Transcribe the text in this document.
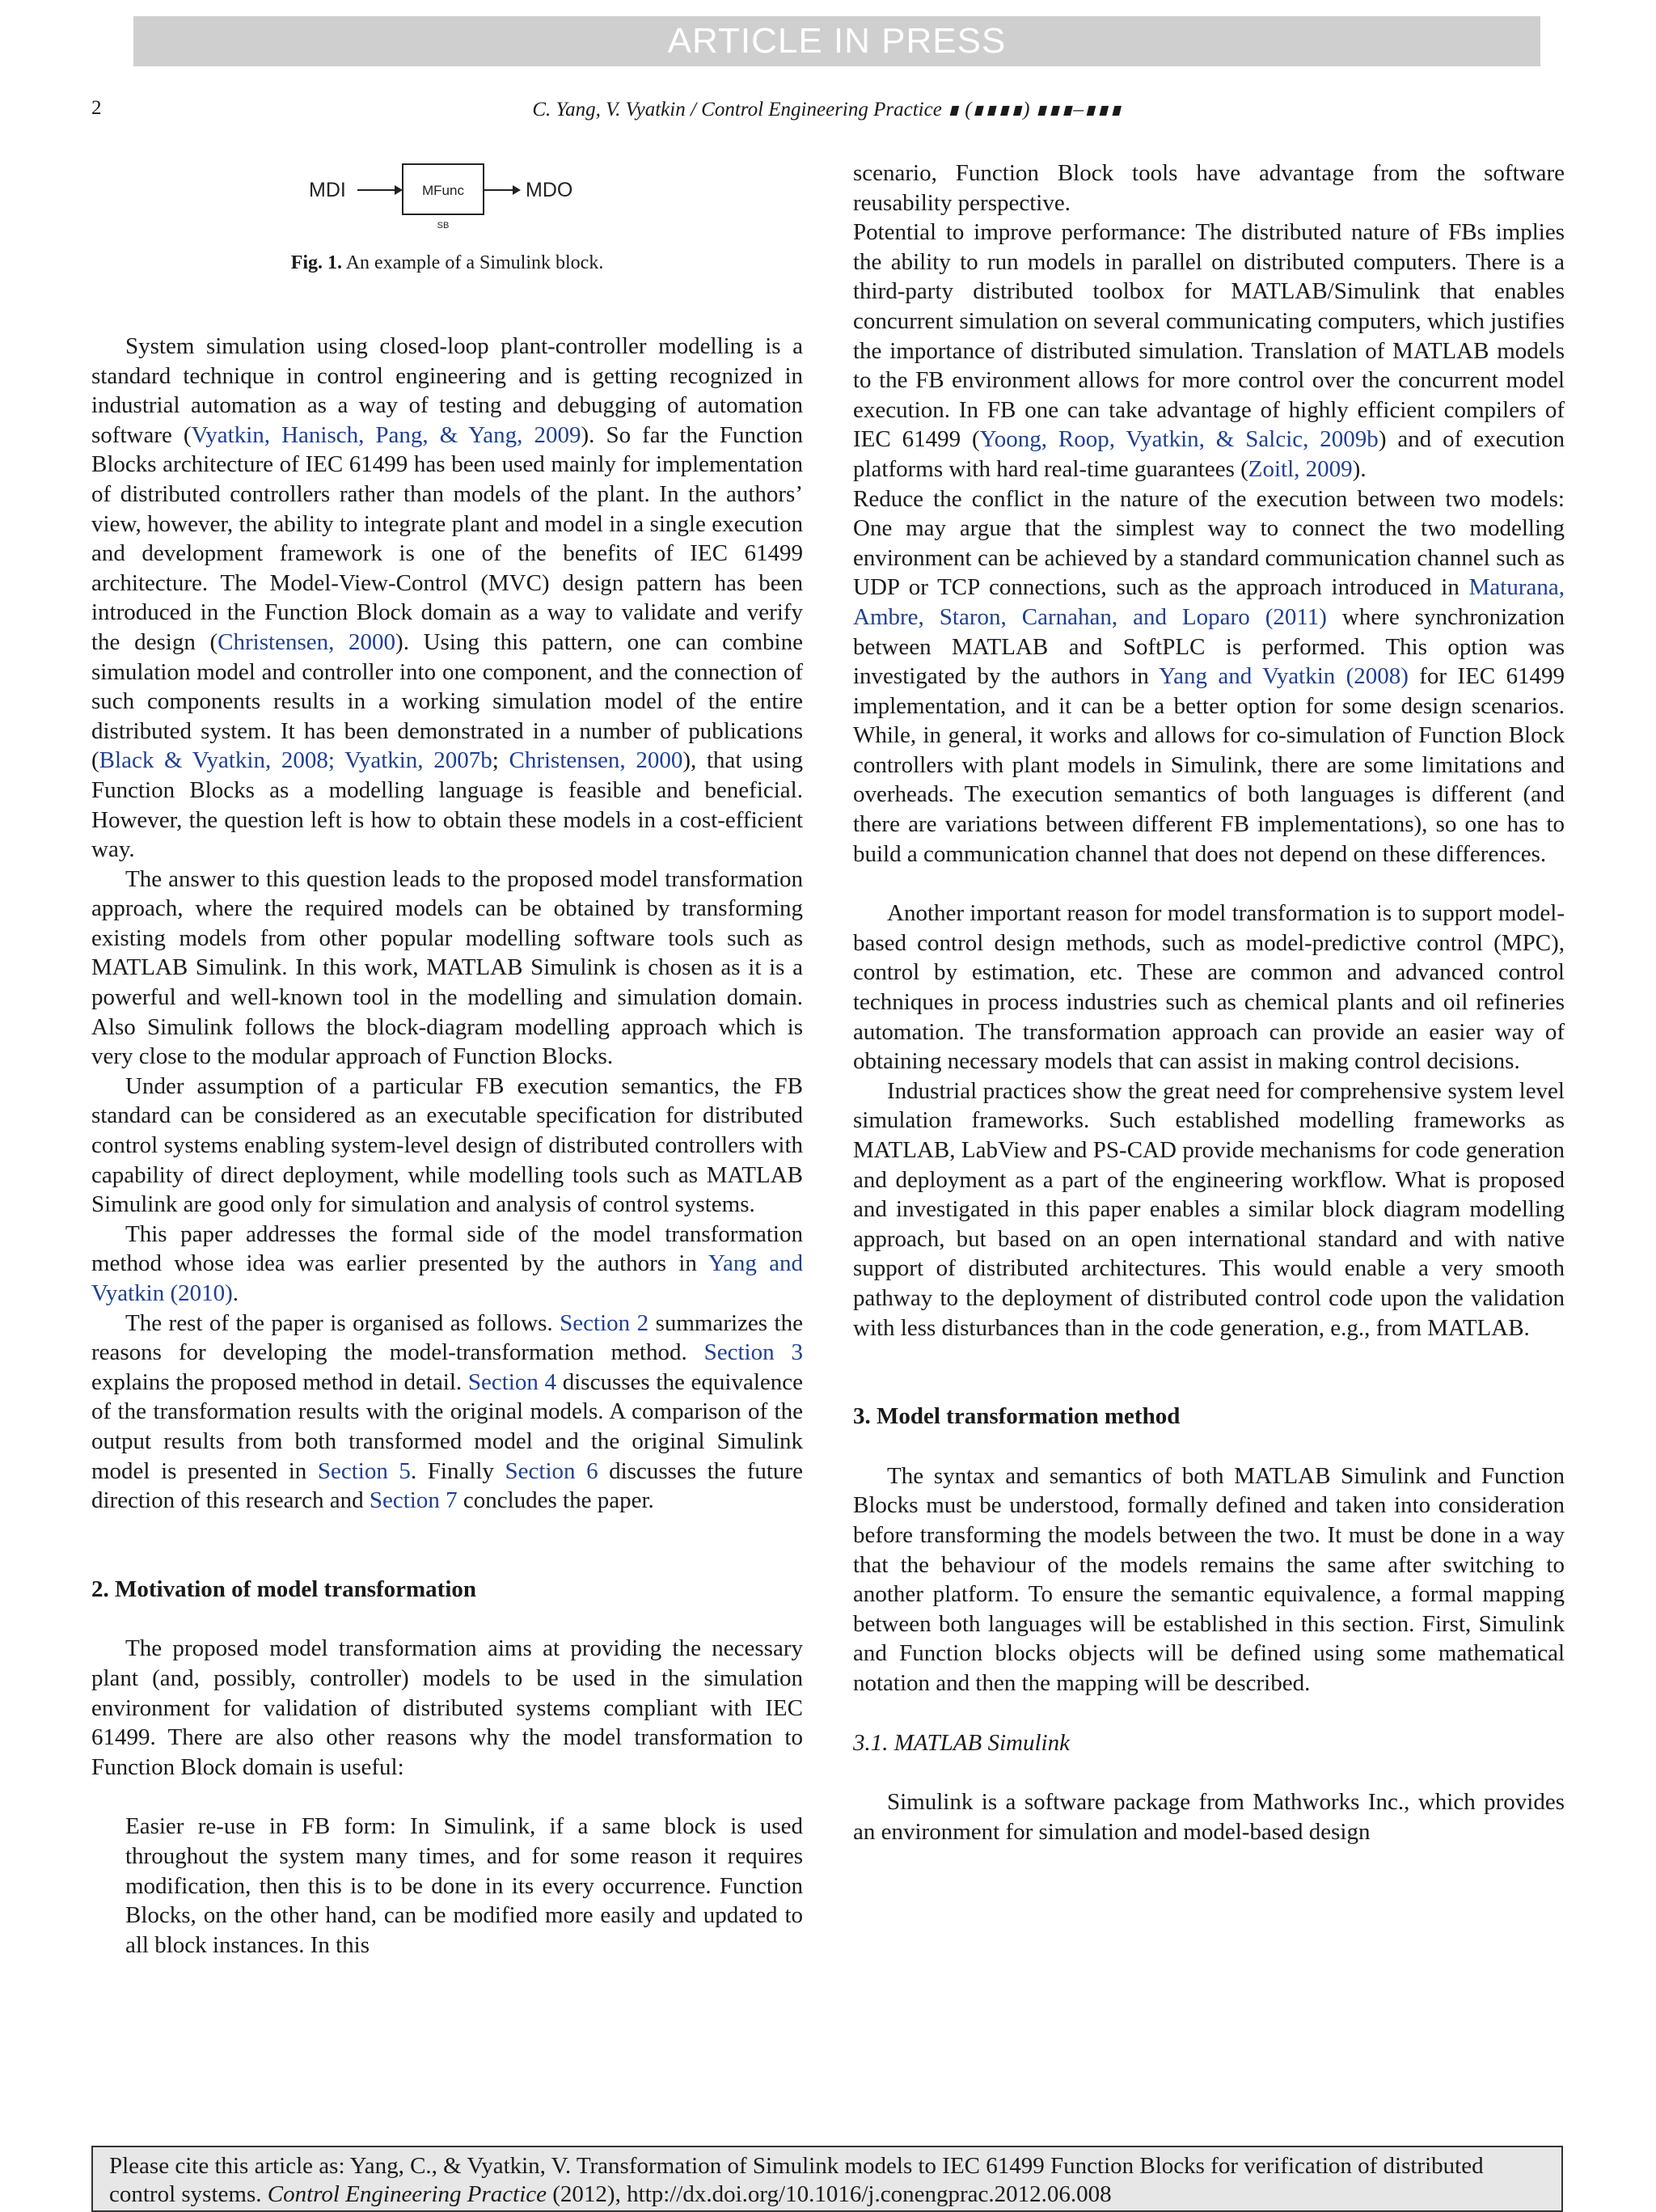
ARTICLE IN PRESS
2	C. Yang, V. Vyatkin / Control Engineering Practice ∎ (∎∎∎∎) ∎∎∎–∎∎∎
MDI	MFunc
SB
MDO
Fig. 1. An example of a Simulink block.

System simulation using closed-loop plant-controller modelling is a standard technique in control engineering and is getting recognized in industrial automation as a way of testing and debugging of automation software (Vyatkin, Hanisch, Pang, & Yang, 2009). So far the Function Blocks architecture of IEC 61499 has been used mainly for implementation of distributed controllers rather than models of the plant. In the authors’ view, however, the ability to integrate plant and model in a single execution and development framework is one of the benefits of IEC 61499 architecture. The Model-View-Control (MVC) design pattern has been introduced in the Function Block domain as a way to validate and verify the design (Christensen, 2000). Using this pattern, one can combine simulation model and controller into one component, and the connection of such components results in a working simulation model of the entire distributed system. It has been demonstrated in a number of publications (Black & Vyatkin, 2008; Vyatkin, 2007b; Christensen, 2000), that using Function Blocks as a modelling language is feasible and beneficial. However, the question left is how to obtain these models in a cost-efficient way.

The answer to this question leads to the proposed model transformation approach, where the required models can be obtained by transforming existing models from other popular modelling software tools such as MATLAB Simulink. In this work, MATLAB Simulink is chosen as it is a powerful and well-known tool in the modelling and simulation domain. Also Simulink follows the block-diagram modelling approach which is very close to the modular approach of Function Blocks.

Under assumption of a particular FB execution semantics, the FB standard can be considered as an executable specification for distributed control systems enabling system-level design of distributed controllers with capability of direct deployment, while modelling tools such as MATLAB Simulink are good only for simulation and analysis of control systems.

This paper addresses the formal side of the model transformation method whose idea was earlier presented by the authors in Yang and Vyatkin (2010).

The rest of the paper is organised as follows. Section 2 summarizes the reasons for developing the model-transformation method. Section 3 explains the proposed method in detail. Section 4 discusses the equivalence of the transformation results with the original models. A comparison of the output results from both transformed model and the original Simulink model is presented in Section 5. Finally Section 6 discusses the future direction of this research and Section 7 concludes the paper.

2. Motivation of model transformation

The proposed model transformation aims at providing the necessary plant (and, possibly, controller) models to be used in the simulation environment for validation of distributed systems compliant with IEC 61499. There are also other reasons why the model transformation to Function Block domain is useful:

Easier re-use in FB form: In Simulink, if a same block is used throughout the system many times, and for some reason it requires modification, then this is to be done in its every occurrence. Function Blocks, on the other hand, can be modified more easily and updated to all block instances. In this

scenario, Function Block tools have advantage from the software reusability perspective.

Potential to improve performance: The distributed nature of FBs implies the ability to run models in parallel on distributed computers. There is a third-party distributed toolbox for MATLAB/Simulink that enables concurrent simulation on several communicating computers, which justifies the importance of distributed simulation. Translation of MATLAB models to the FB environment allows for more control over the concurrent model execution. In FB one can take advantage of highly efficient compilers of IEC 61499 (Yoong, Roop, Vyatkin, & Salcic, 2009b) and of execution platforms with hard real-time guarantees (Zoitl, 2009).

Reduce the conflict in the nature of the execution between two models: One may argue that the simplest way to connect the two modelling environment can be achieved by a standard communication channel such as UDP or TCP connections, such as the approach introduced in Maturana, Ambre, Staron, Carnahan, and Loparo (2011) where synchronization between MATLAB and SoftPLC is performed. This option was investigated by the authors in Yang and Vyatkin (2008) for IEC 61499 implementation, and it can be a better option for some design scenarios. While, in general, it works and allows for co-simulation of Function Block controllers with plant models in Simulink, there are some limitations and overheads. The execution semantics of both languages is different (and there are variations between different FB implementations), so one has to build a communication channel that does not depend on these differences.

Another important reason for model transformation is to support model-based control design methods, such as model-predictive control (MPC), control by estimation, etc. These are common and advanced control techniques in process industries such as chemical plants and oil refineries automation. The transformation approach can provide an easier way of obtaining necessary models that can assist in making control decisions.

Industrial practices show the great need for comprehensive system level simulation frameworks. Such established modelling frameworks as MATLAB, LabView and PS-CAD provide mechanisms for code generation and deployment as a part of the engineering workflow. What is proposed and investigated in this paper enables a similar block diagram modelling approach, but based on an open international standard and with native support of distributed architectures. This would enable a very smooth pathway to the deployment of distributed control code upon the validation with less disturbances than in the code generation, e.g., from MATLAB.

3. Model transformation method

The syntax and semantics of both MATLAB Simulink and Function Blocks must be understood, formally defined and taken into consideration before transforming the models between the two. It must be done in a way that the behaviour of the models remains the same after switching to another platform. To ensure the semantic equivalence, a formal mapping between both languages will be established in this section. First, Simulink and Function blocks objects will be defined using some mathematical notation and then the mapping will be described.

3.1. MATLAB Simulink

Simulink is a software package from Mathworks Inc., which provides an environment for simulation and model-based design

Please cite this article as: Yang, C., & Vyatkin, V. Transformation of Simulink models to IEC 61499 Function Blocks for verification of distributed control systems. Control Engineering Practice (2012), http://dx.doi.org/10.1016/j.conengprac.2012.06.008
